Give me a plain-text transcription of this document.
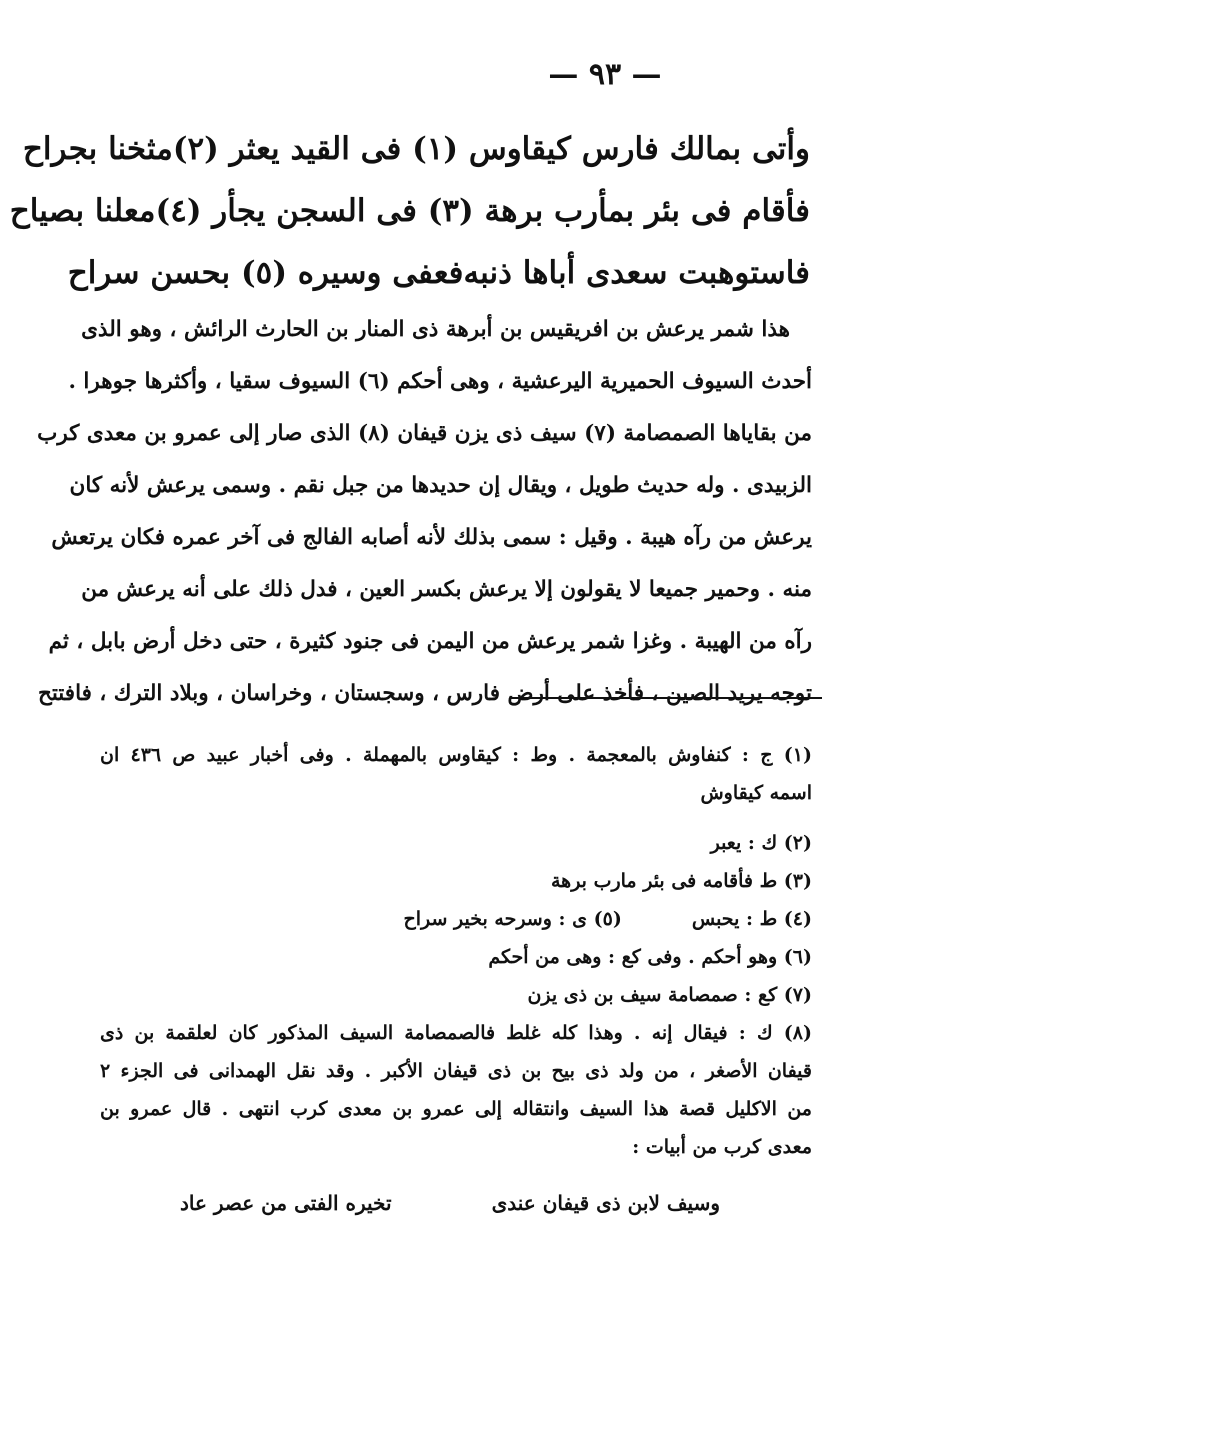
— ٩٣ —
وأتى بمالك فارس كيقاوس (١) فى القيد يعثر (٢)
مثخنا بجراح
فأقام فى بئر بمأرب برهة (٣) فى السجن يجأر (٤)
معلنا بصياح
فاستوهبت سعدى أباها ذنبه
فعفى وسيره (٥) بحسن سراح
هذا شمر يرعش بن افريقيس بن أبرهة ذى المنار بن الحارث الرائش ، وهو الذى
أحدث السيوف الحميرية اليرعشية ، وهى أحكم (٦) السيوف سقيا ، وأكثرها جوهرا .
من بقاياها الصمصامة (٧) سيف ذى يزن قيفان (٨) الذى صار إلى عمرو بن معدى كرب
الزبيدى . وله حديث طويل ، ويقال إن حديدها من جبل نقم . وسمى يرعش لأنه كان
يرعش من رآه هيبة . وقيل : سمى بذلك لأنه أصابه الفالج فى آخر عمره فكان يرتعش
منه . وحمير جميعا لا يقولون إلا يرعش بكسر العين ، فدل ذلك على أنه يرعش من
رآه من الهيبة . وغزا شمر يرعش من اليمن فى جنود كثيرة ، حتى دخل أرض بابل ، ثم
توجه يريد الصين ، فأخذ على أرض فارس ، وسجستان ، وخراسان ، وبلاد الترك ، فافتتح
(١) ج : كنفاوش بالمعجمة . وط : كيقاوس بالمهملة . وفى أخبار عبيد ص ٤٣٦ ان
اسمه كيقاوش
(٢) ك : يعبر
(٣) ط فأقامه فى بئر مارب برهة
(٤) ط : يحبس
(٥) ى : وسرحه بخير سراح
(٦) وهو أحكم . وفى كع : وهى من أحكم
(٧) كع : صمصامة سيف بن ذى يزن
(٨) ك : فيقال إنه . وهذا كله غلط فالصمصامة السيف المذكور كان لعلقمة بن ذى
قيفان الأصغر ، من ولد ذى بيح بن ذى قيفان الأكبر . وقد نقل الهمدانى فى الجزء ٢
من الاكليل قصة هذا السيف وانتقاله إلى عمرو بن معدى كرب انتهى . قال عمرو بن
معدى كرب من أبيات :
وسيف لابن ذى قيفان عندى
تخيره الفتى من عصر عاد
